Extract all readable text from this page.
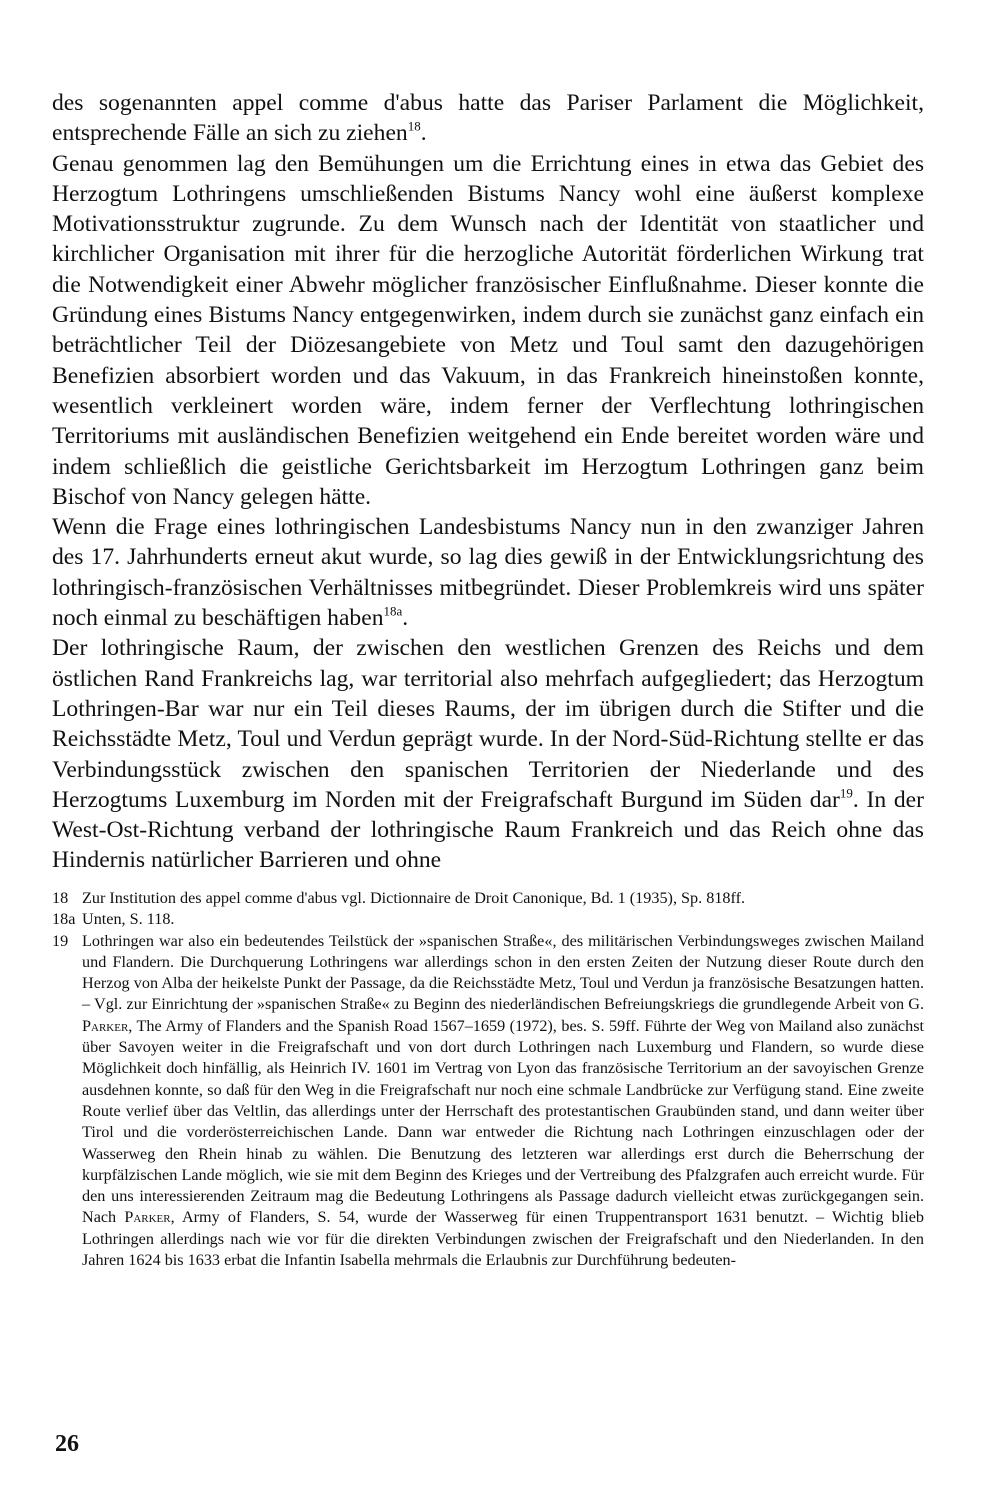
des sogenannten appel comme d'abus hatte das Pariser Parlament die Möglichkeit, entsprechende Fälle an sich zu ziehen$^{18}$.

Genau genommen lag den Bemühungen um die Errichtung eines in etwa das Gebiet des Herzogtum Lothringens umschließenden Bistums Nancy wohl eine äußerst komplexe Motivationsstruktur zugrunde. Zu dem Wunsch nach der Identität von staatlicher und kirchlicher Organisation mit ihrer für die herzogliche Autorität förderlichen Wirkung trat die Notwendigkeit einer Abwehr möglicher französischer Einflußnahme. Dieser konnte die Gründung eines Bistums Nancy entgegenwirken, indem durch sie zunächst ganz einfach ein beträchtlicher Teil der Diözesangebiete von Metz und Toul samt den dazugehörigen Benefizien absorbiert worden und das Vakuum, in das Frankreich hineinstoßen konnte, wesentlich verkleinert worden wäre, indem ferner der Verflechtung lothringischen Territoriums mit ausländischen Benefizien weitgehend ein Ende bereitet worden wäre und indem schließlich die geistliche Gerichtsbarkeit im Herzogtum Lothringen ganz beim Bischof von Nancy gelegen hätte.

Wenn die Frage eines lothringischen Landesbistums Nancy nun in den zwanziger Jahren des 17. Jahrhunderts erneut akut wurde, so lag dies gewiß in der Entwicklungsrichtung des lothringisch-französischen Verhältnisses mitbegründet. Dieser Problemkreis wird uns später noch einmal zu beschäftigen haben$^{18a}$.

Der lothringische Raum, der zwischen den westlichen Grenzen des Reichs und dem östlichen Rand Frankreichs lag, war territorial also mehrfach aufgegliedert; das Herzogtum Lothringen-Bar war nur ein Teil dieses Raums, der im übrigen durch die Stifter und die Reichsstädte Metz, Toul und Verdun geprägt wurde. In der Nord-Süd-Richtung stellte er das Verbindungsstück zwischen den spanischen Territorien der Niederlande und des Herzogtums Luxemburg im Norden mit der Freigrafschaft Burgund im Süden dar$^{19}$. In der West-Ost-Richtung verband der lothringische Raum Frankreich und das Reich ohne das Hindernis natürlicher Barrieren und ohne

18 Zur Institution des appel comme d'abus vgl. Dictionnaire de Droit Canonique, Bd. 1 (1935), Sp. 818ff.
18a Unten, S. 118.
19 Lothringen war also ein bedeutendes Teilstück der »spanischen Straße«, des militärischen Verbindungsweges zwischen Mailand und Flandern. Die Durchquerung Lothringens war allerdings schon in den ersten Zeiten der Nutzung dieser Route durch den Herzog von Alba der heikelste Punkt der Passage, da die Reichsstädte Metz, Toul und Verdun ja französische Besatzungen hatten. – Vgl. zur Einrichtung der »spanischen Straße« zu Beginn des niederländischen Befreiungskriegs die grundlegende Arbeit von G. Parker, The Army of Flanders and the Spanish Road 1567–1659 (1972), bes. S. 59ff. Führte der Weg von Mailand also zunächst über Savoyen weiter in die Freigrafschaft und von dort durch Lothringen nach Luxemburg und Flandern, so wurde diese Möglichkeit doch hinfällig, als Heinrich IV. 1601 im Vertrag von Lyon das französische Territorium an der savoyischen Grenze ausdehnen konnte, so daß für den Weg in die Freigrafschaft nur noch eine schmale Landbrücke zur Verfügung stand. Eine zweite Route verlief über das Veltlin, das allerdings unter der Herrschaft des protestantischen Graubünden stand, und dann weiter über Tirol und die vorderösterreichischen Lande. Dann war entweder die Richtung nach Lothringen einzuschlagen oder der Wasserweg den Rhein hinab zu wählen. Die Benutzung des letzteren war allerdings erst durch die Beherrschung der kurpfälzischen Lande möglich, wie sie mit dem Beginn des Krieges und der Vertreibung des Pfalzgrafen auch erreicht wurde. Für den uns interessierenden Zeitraum mag die Bedeutung Lothringens als Passage dadurch vielleicht etwas zurückgegangen sein. Nach Parker, Army of Flanders, S. 54, wurde der Wasserweg für einen Truppentransport 1631 benutzt. – Wichtig blieb Lothringen allerdings nach wie vor für die direkten Verbindungen zwischen der Freigrafschaft und den Niederlanden. In den Jahren 1624 bis 1633 erbat die Infantin Isabella mehrmals die Erlaubnis zur Durchführung bedeuten-
26
